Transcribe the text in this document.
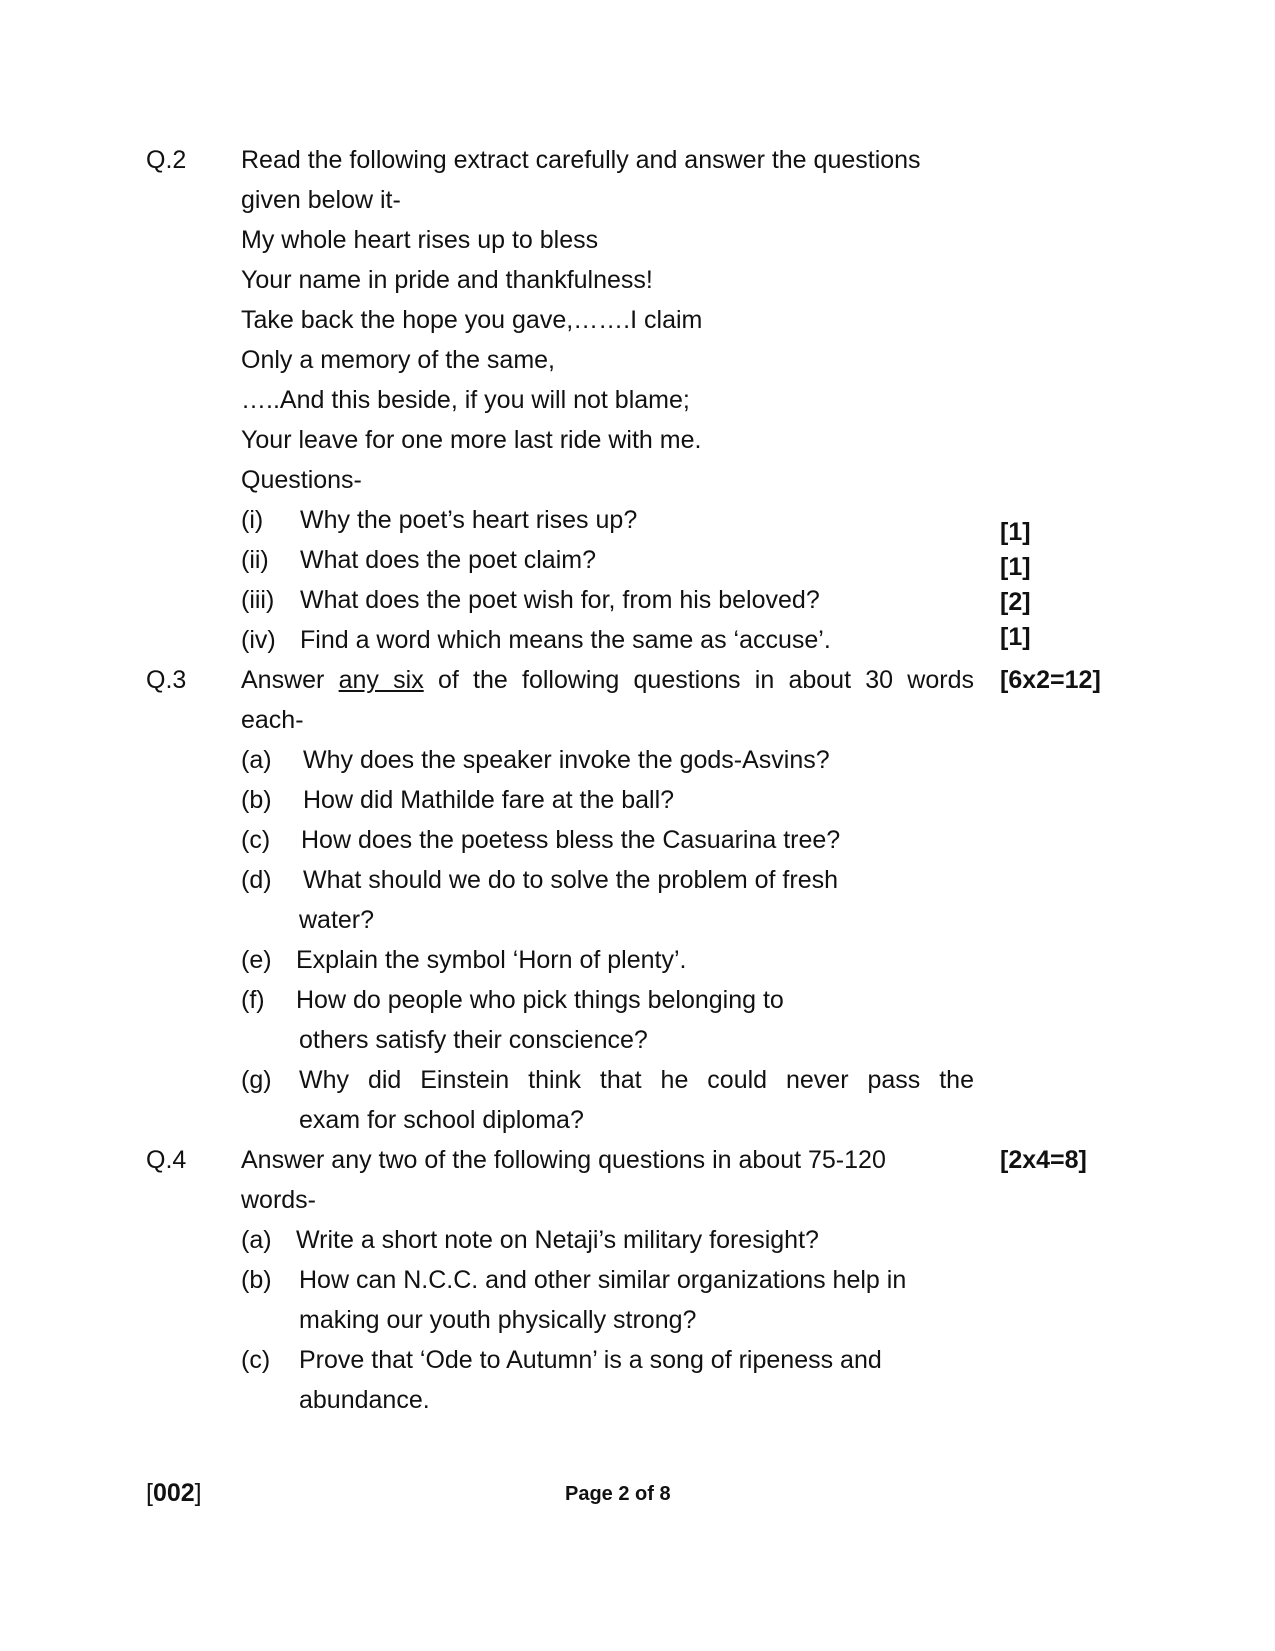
Q.2 Read the following extract carefully and answer the questions
given below it-
My whole heart rises up to bless
Your name in pride and thankfulness!
Take back the hope you gave,…….I claim
Only a memory of the same,
…..And this beside, if you will not blame;
Your leave for one more last ride with me.
Questions-
(i) Why the poet’s heart rises up?	[1]
(ii) What does the poet claim?	[1]
(iii) What does the poet wish for, from his beloved?	[2]
(iv) Find a word which means the same as ‘accuse’.	[1]
Q.3 Answer any six of the following questions in about 30 words [6x2=12]
each-
(a) Why does the speaker invoke the gods-Asvins?
(b) How did Mathilde fare at the ball?
(c) How does the poetess bless the Casuarina tree?
(d) What should we do to solve the problem of fresh
water?
(e) Explain the symbol ‘Horn of plenty’.
(f) How do people who pick things belonging to
others satisfy their conscience?
(g) Why did Einstein think that he could never pass the
exam for school diploma?
Q.4 Answer any two of the following questions in about 75-120	[2x4=8]
words-
(a) Write a short note on Netaji’s military foresight?
(b) How can N.C.C. and other similar organizations help in
making our youth physically strong?
(c) Prove that ‘Ode to Autumn’ is a song of ripeness and
abundance.
[002]	Page 2 of 8
